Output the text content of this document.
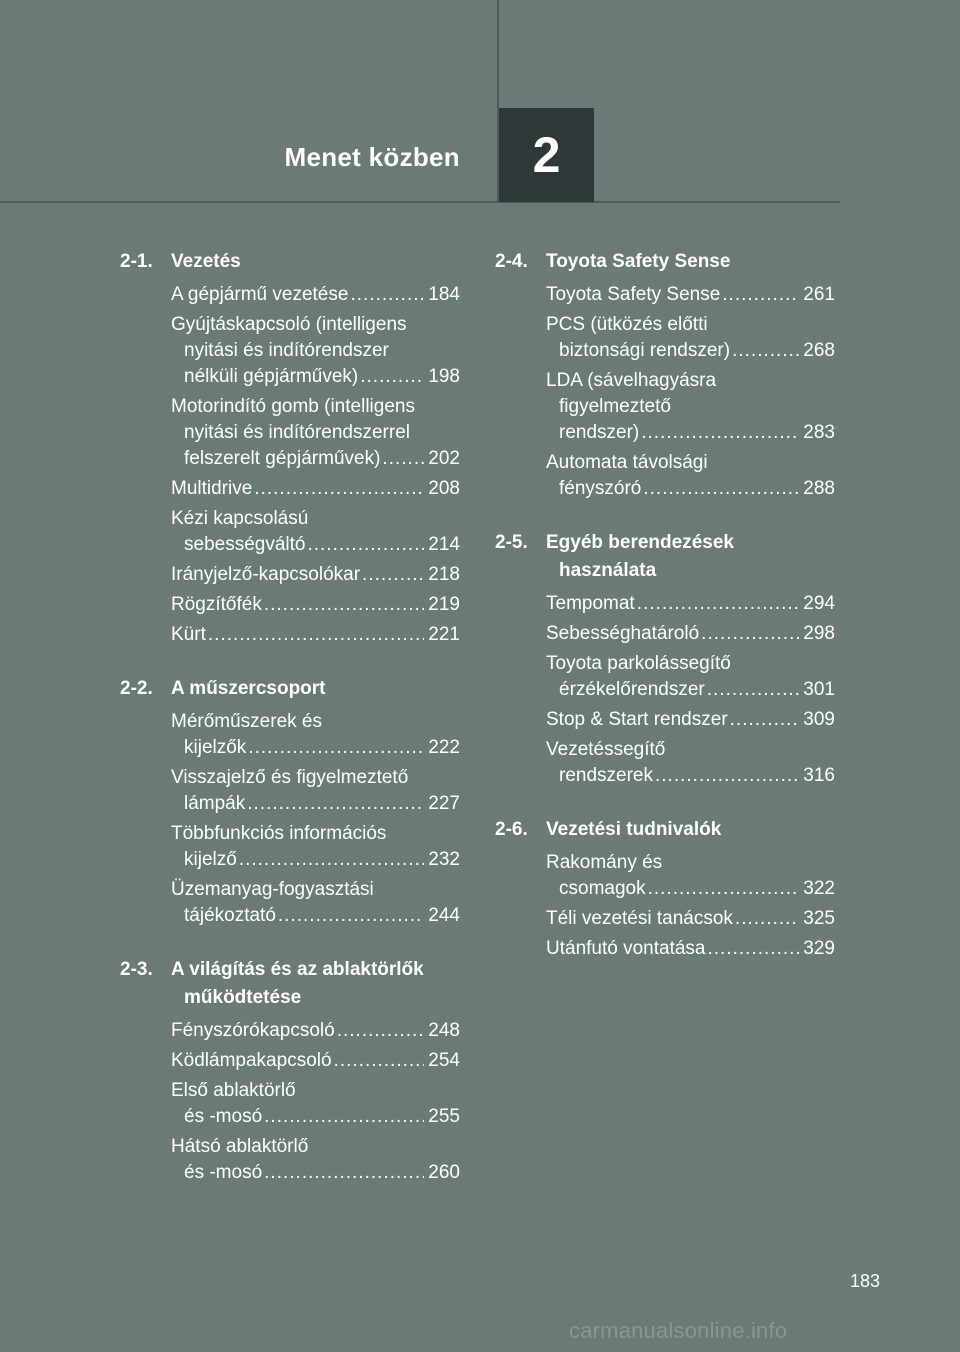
Menet közben	2
2-1. Vezetés
A gépjármű vezetése .....	184
Gyújtáskapcsoló (intelligens
nyitási és indítórendszer
nélküli gépjárművek) .....	198
Motorindító gomb (intelligens
nyitási és indítórendszerrel
felszerelt gépjárművek) .....	202
Multidrive .....	208
Kézi kapcsolású
sebességváltó .....	214
Irányjelző-kapcsolókar .....	218
Rögzítőfék .....	219
Kürt .....	221
2-2. A műszercsoport
Mérőműszerek és
kijelzők .....	222
Visszajelző és figyelmeztető
lámpák .....	227
Többfunkciós információs
kijelző .....	232
Üzemanyag-fogyasztási
tájékoztató .....	244
2-3. A világítás és az ablaktörlők működtetése
Fényszórókapcsoló .....	248
Ködlámpakapcsoló .....	254
Első ablaktörlő
és -mosó .....	255
Hátsó ablaktörlő
és -mosó .....	260
2-4. Toyota Safety Sense
Toyota Safety Sense .....	261
PCS (ütközés előtti
biztonsági rendszer) .....	268
LDA (sávelhagyásra
figyelmeztető
rendszer) .....	283
Automata távolsági
fényszóró .....	288
2-5. Egyéb berendezések használata
Tempomat .....	294
Sebességhatároló .....	298
Toyota parkolássegítő
érzékelőrendszer .....	301
Stop & Start rendszer .....	309
Vezetéssegítő
rendszerek .....	316
2-6. Vezetési tudnivalók
Rakomány és
csomagok .....	322
Téli vezetési tanácsok .....	325
Utánfutó vontatása .....	329
183
carmanualsonline.info
